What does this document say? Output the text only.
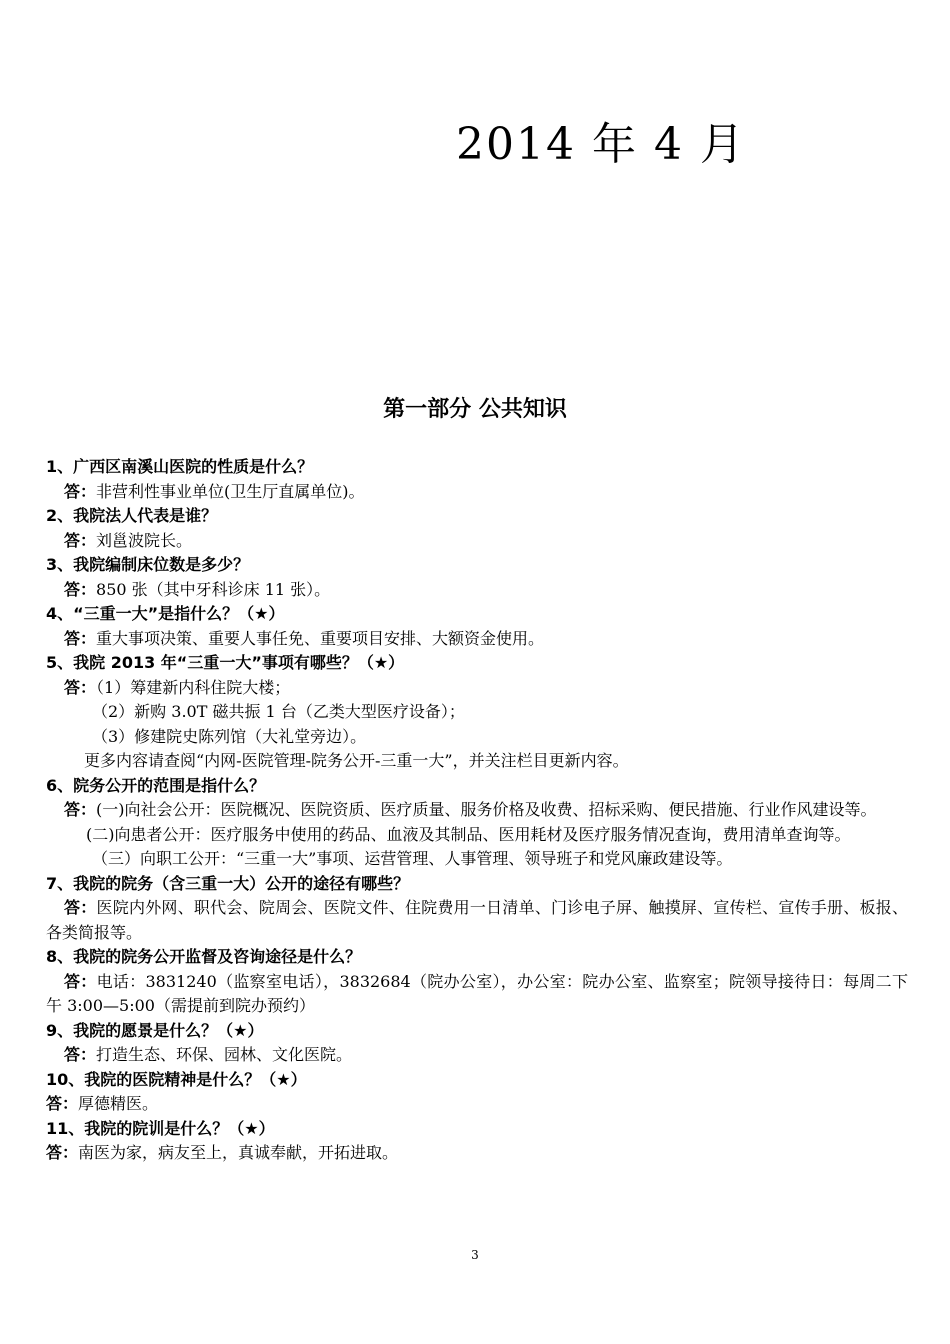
2014 年 4 月
第一部分 公共知识
1、广西区南溪山医院的性质是什么？
答：非营利性事业单位(卫生厅直属单位)。
2、我院法人代表是谁？
答：刘邕波院长。
3、我院编制床位数是多少？
答：850 张（其中牙科诊床 11 张）。
4、“三重一大”是指什么？（★）
答：重大事项决策、重要人事任免、重要项目安排、大额资金使用。
5、我院 2013 年“三重一大”事项有哪些？（★）
答：（1）筹建新内科住院大楼；
（2）新购 3.0T 磁共振 1 台（乙类大型医疗设备）；
（3）修建院史陈列馆（大礼堂旁边）。
更多内容请查阅“内网-医院管理-院务公开-三重一大”，并关注栏目更新内容。
6、院务公开的范围是指什么？
答：(一)向社会公开：医院概况、医院资质、医疗质量、服务价格及收费、招标采购、便民措施、行业作风建设等。
(二)向患者公开：医疗服务中使用的药品、血液及其制品、医用耗材及医疗服务情况查询，费用清单查询等。
（三）向职工公开：“三重一大”事项、运营管理、人事管理、领导班子和党风廉政建设等。
7、我院的院务（含三重一大）公开的途径有哪些？
答：医院内外网、职代会、院周会、医院文件、住院费用一日清单、门诊电子屏、触摸屏、宣传栏、宣传手册、板报、各类简报等。
8、我院的院务公开监督及咨询途径是什么？
答：电话：3831240（监察室电话），3832684（院办公室），办公室：院办公室、监察室；院领导接待日：每周二下午 3:00—5:00（需提前到院办预约）
9、我院的愿景是什么？（★）
答：打造生态、环保、园林、文化医院。
10、我院的医院精神是什么？（★）
答：厚德精医。
11、我院的院训是什么？（★）
答：南医为家，病友至上，真诚奉献，开拓进取。
3
